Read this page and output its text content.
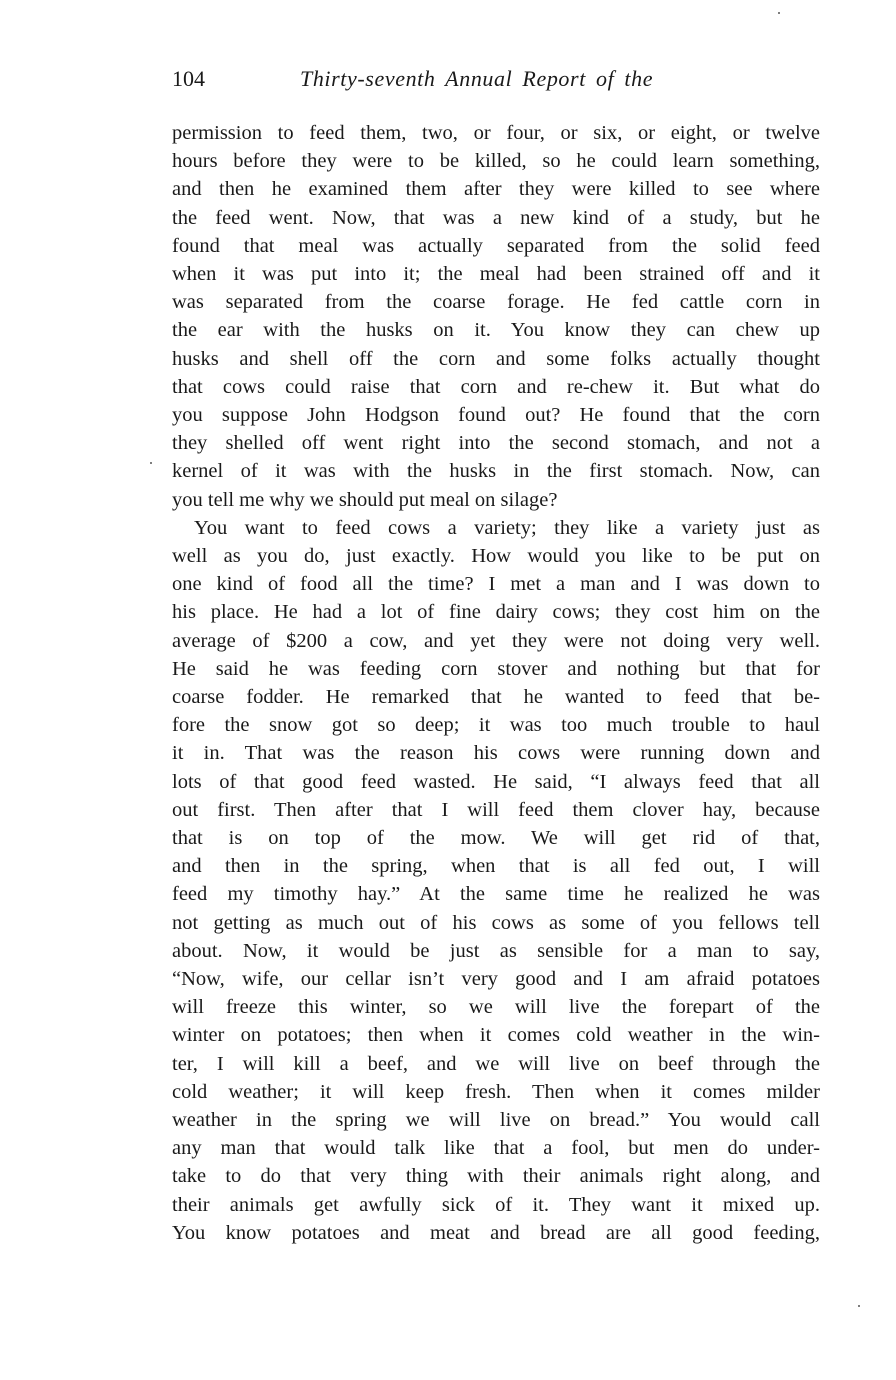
104	Thirty-seventh Annual Report of the
permission to feed them, two, or four, or six, or eight, or twelve
hours before they were to be killed, so he could learn something,
and then he examined them after they were killed to see where
the feed went. Now, that was a new kind of a study, but he
found that meal was actually separated from the solid feed
when it was put into it; the meal had been strained off and it
was separated from the coarse forage. He fed cattle corn in
the ear with the husks on it. You know they can chew up
husks and shell off the corn and some folks actually thought
that cows could raise that corn and re-chew it. But what do
you suppose John Hodgson found out? He found that the corn
they shelled off went right into the second stomach, and not a
kernel of it was with the husks in the first stomach. Now, can
you tell me why we should put meal on silage?
You want to feed cows a variety; they like a variety just as
well as you do, just exactly. How would you like to be put on
one kind of food all the time? I met a man and I was down to
his place. He had a lot of fine dairy cows; they cost him on the
average of $200 a cow, and yet they were not doing very well.
He said he was feeding corn stover and nothing but that for
coarse fodder. He remarked that he wanted to feed that be-
fore the snow got so deep; it was too much trouble to haul
it in. That was the reason his cows were running down and
lots of that good feed wasted. He said, “I always feed that all
out first. Then after that I will feed them clover hay, because
that is on top of the mow. We will get rid of that,
and then in the spring, when that is all fed out, I will
feed my timothy hay.” At the same time he realized he was
not getting as much out of his cows as some of you fellows tell
about. Now, it would be just as sensible for a man to say,
“Now, wife, our cellar isn’t very good and I am afraid potatoes
will freeze this winter, so we will live the forepart of the
winter on potatoes; then when it comes cold weather in the win-
ter, I will kill a beef, and we will live on beef through the
cold weather; it will keep fresh. Then when it comes milder
weather in the spring we will live on bread.” You would call
any man that would talk like that a fool, but men do under-
take to do that very thing with their animals right along, and
their animals get awfully sick of it. They want it mixed up.
You know potatoes and meat and bread are all good feeding,
